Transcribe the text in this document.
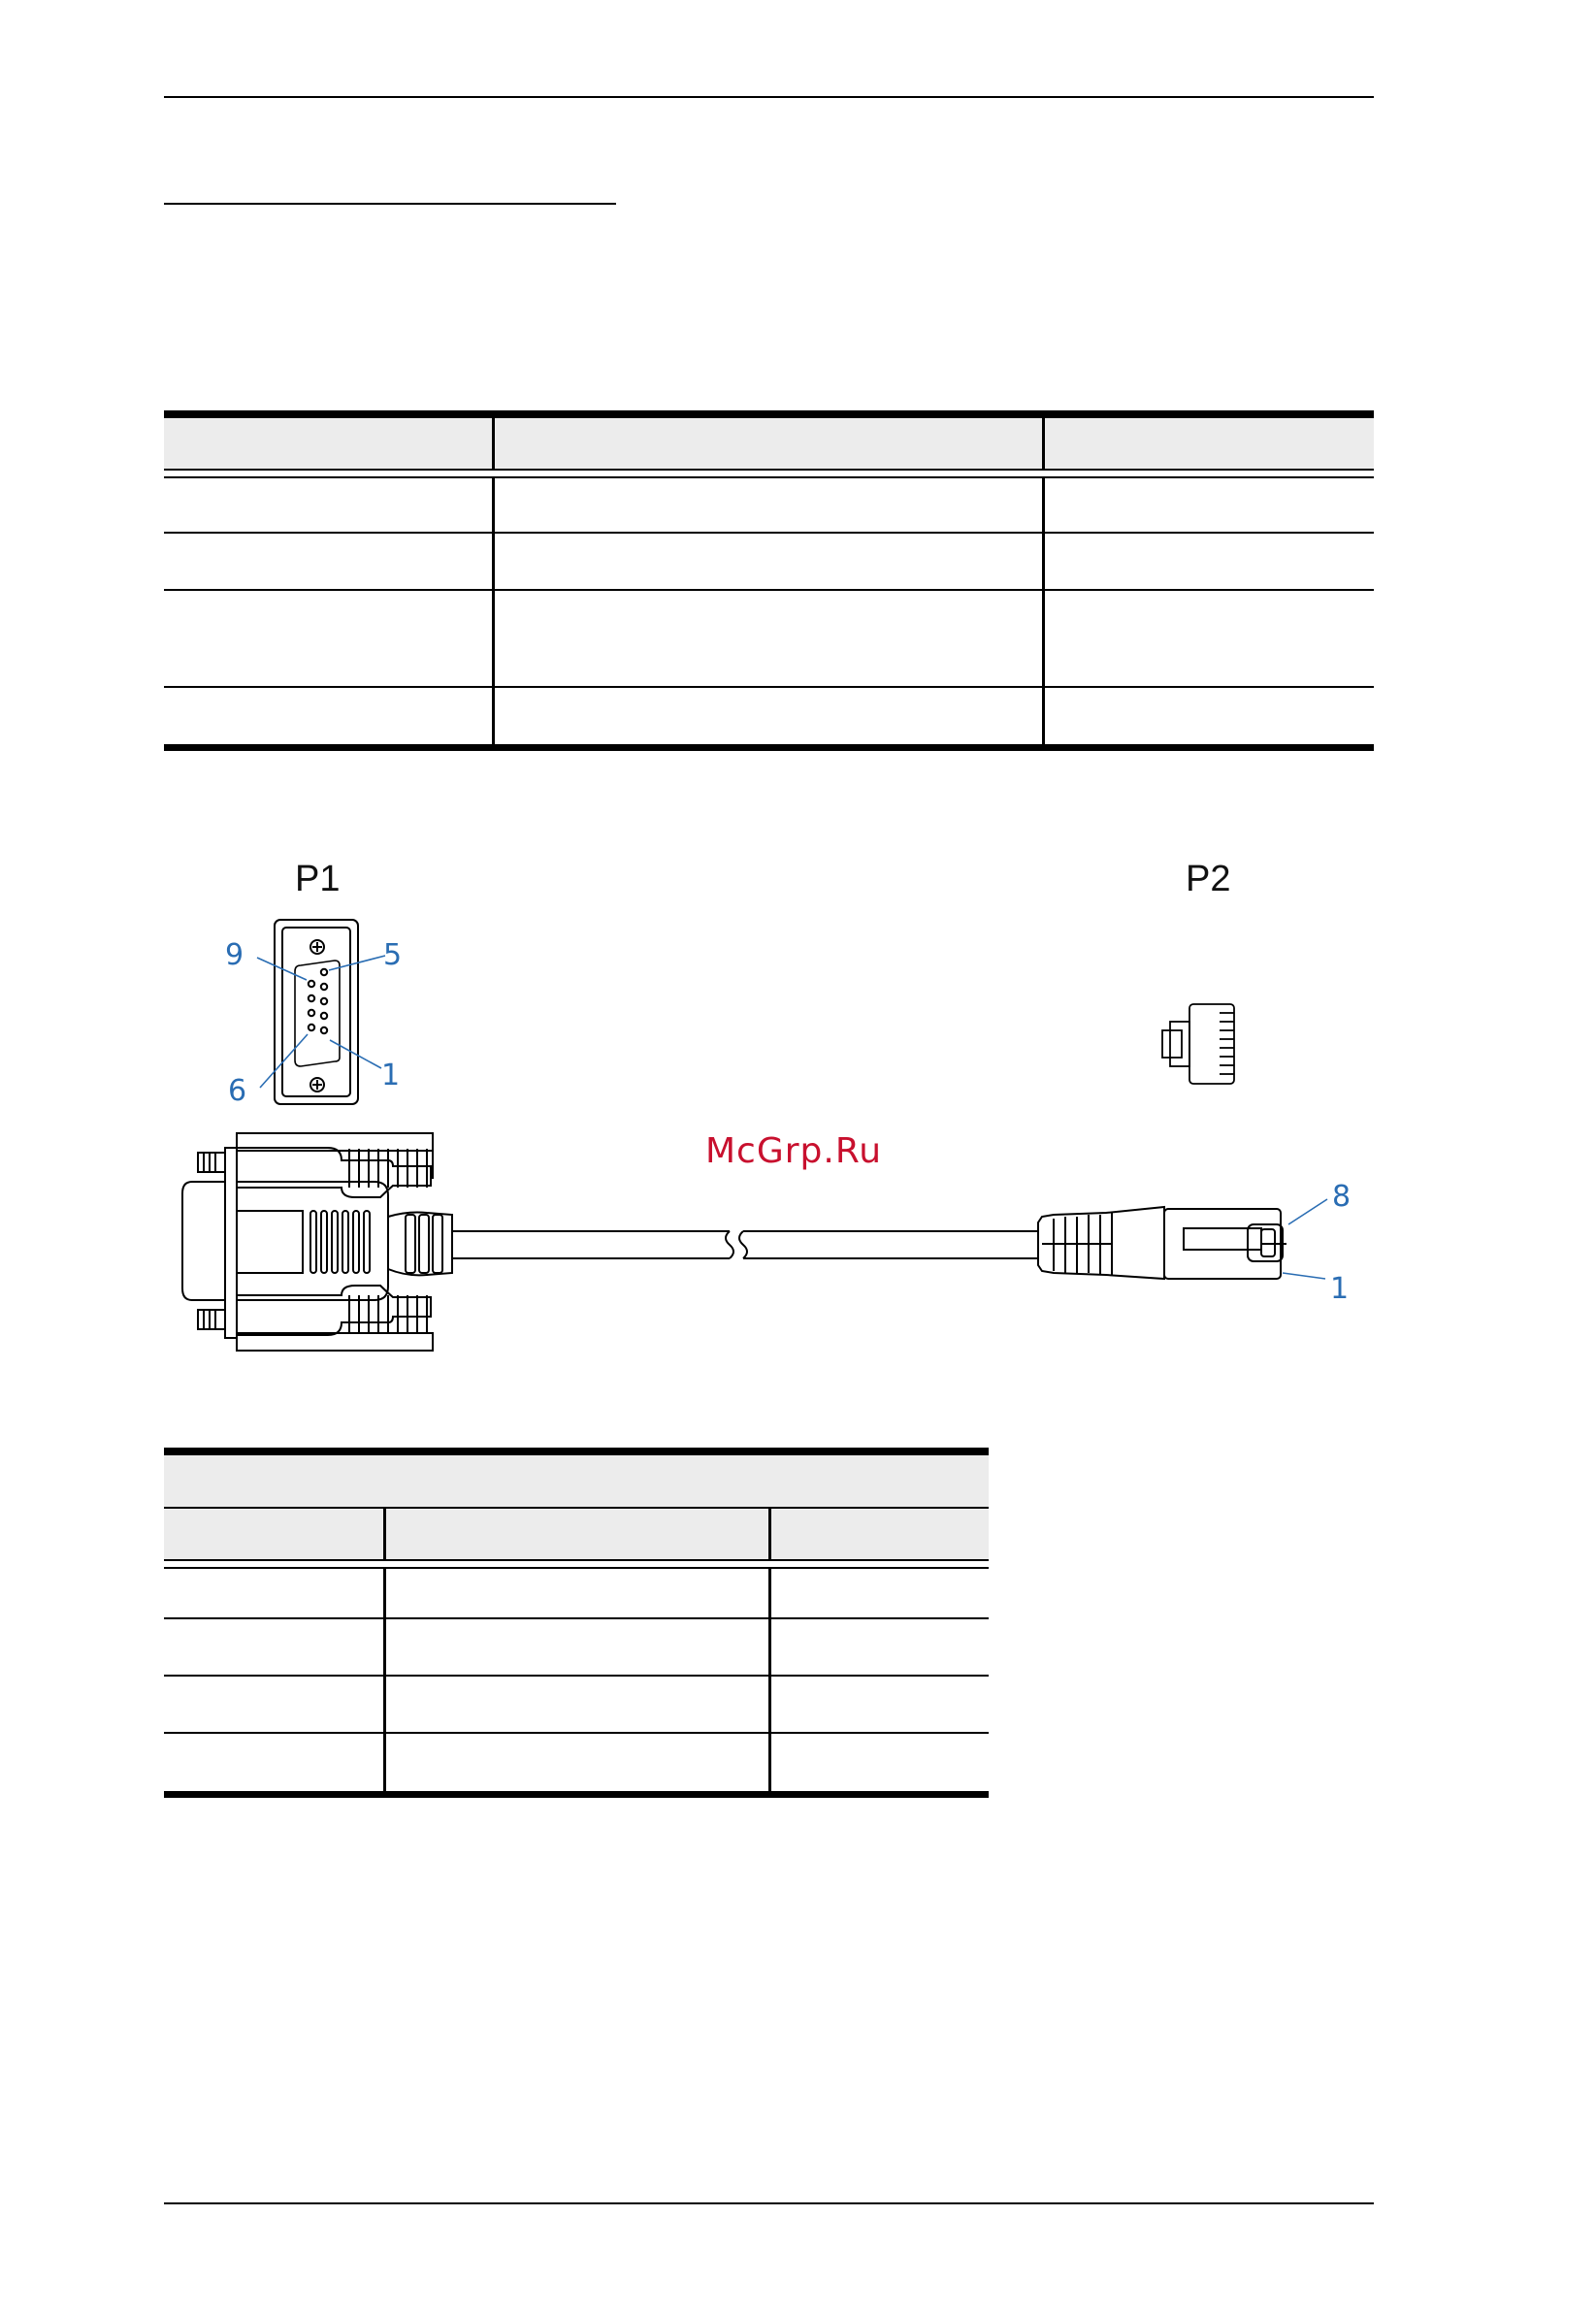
P1	P2
9	5
6	1
8
1
McGrp.Ru
